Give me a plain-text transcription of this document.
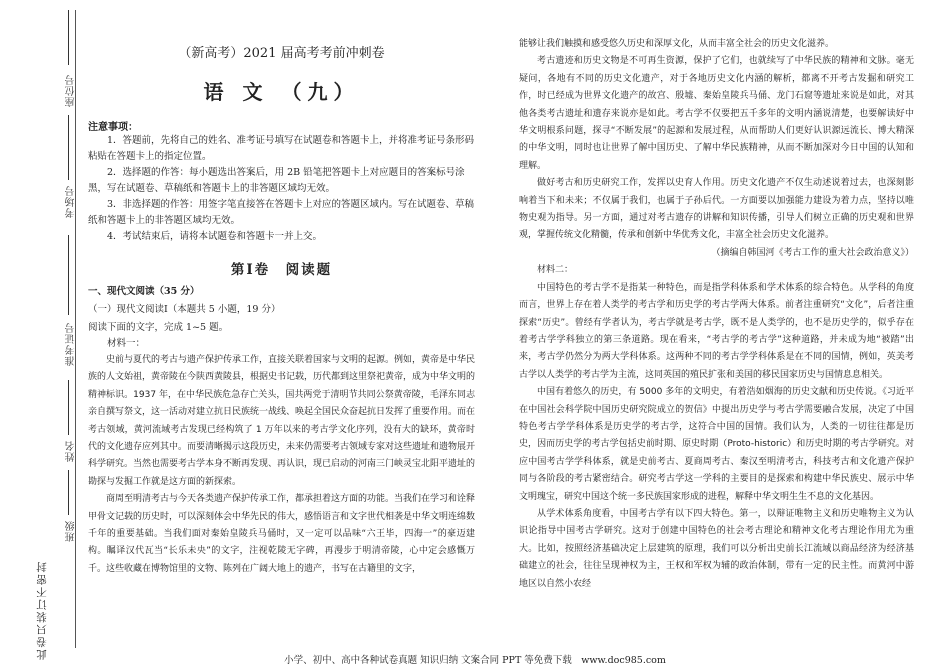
座位号
考场号
准考证号
姓名
班级
此卷只装订不密封
（新高考）2021 届高考考前冲刺卷
语 文 （九）
注意事项：

1．答题前，先将自己的姓名、准考证号填写在试题卷和答题卡上，并将准考证号条形码粘贴在答题卡上的指定位置。

2．选择题的作答：每小题选出答案后，用 2B 铅笔把答题卡上对应题目的答案标号涂黑，写在试题卷、草稿纸和答题卡上的非答题区域均无效。

3．非选择题的作答：用签字笔直接答在答题卡上对应的答题区域内。写在试题卷、草稿纸和答题卡上的非答题区域均无效。

4．考试结束后，请将本试题卷和答题卡一并上交。

第Ⅰ卷　阅读题
一、现代文阅读（35 分）
（一）现代文阅读Ⅰ（本题共 5 小题，19 分）
阅读下面的文字，完成 1~5 题。
材料一：

史前与夏代的考古与遗产保护传承工作，直接关联着国家与文明的起源。例如，黄帝是中华民族的人文始祖，黄帝陵在今陕西黄陵县，根据史书记载，历代都到这里祭祀黄帝，成为中华文明的精神标识。1937 年，在中华民族危急存亡关头，国共两党于清明节共同公祭黄帝陵，毛泽东同志亲自撰写祭文，这一活动对建立抗日民族统一战线、唤起全国民众奋起抗日发挥了重要作用。而在考古领域，黄河流域考古发现已经构筑了 1 万年以来的考古学文化序列，没有大的缺环，黄帝时代的文化遗存应列其中。而要清晰揭示这段历史，未来仍需要考古领域专家对这些遗址和遗物展开科学研究。当然也需要考古学本身不断再发现、再认识，现已启动的河南三门峡灵宝北阳平遗址的勘探与发掘工作就是这方面的新探索。

商周至明清考古与今天各类遗产保护传承工作，都承担着这方面的功能。当我们在学习和诠释甲骨文记载的历史时，可以深刻体会中华先民的伟大，感悟语言和文字世代相袭是中华文明连绵数千年的重要基础。当我们面对秦始皇陵兵马俑时，又一定可以品味“六王毕，四海一”的豪迈建构。瞩译汉代瓦当“长乐未央”的文字，注视乾陵无字碑，再漫步于明清帝陵，心中定会感慨万千。这些收藏在博物馆里的文物、陈列在广阔大地上的遗产，书写在古籍里的文字，

能够让我们触摸和感受悠久历史和深厚文化，从而丰富全社会的历史文化滋养。

考古遗迹和历史文物是不可再生资源，保护了它们，也就续写了中华民族的精神和文脉。毫无疑问，各地有不同的历史文化遗产，对于各地历史文化内涵的解析，都离不开考古发掘和研究工作，时已经成为世界文化遗产的故宫、殷墟、秦始皇陵兵马俑、龙门石窟等遗址来说是如此，对其他各类考古遗址和遗存来说亦是如此。考古学不仅要把五千多年的文明内涵说清楚，也要解读好中华文明根系问题，探寻“不断发展”的起源和发展过程，从而帮助人们更好认识源远流长、博大精深的中华文明，同时也让世界了解中国历史、了解中华民族精神，从而不断加深对今日中国的认知和理解。

做好考古和历史研究工作，发挥以史育人作用。历史文化遗产不仅生动述说着过去，也深刻影响着当下和未来；不仅属于我们，也属于子孙后代。一方面要以加强能力建设为着力点，坚持以唯物史观为指导。另一方面，通过对考古遗存的讲解和知识传播，引导人们树立正确的历史观和世界观，掌握传统文化精髓，传承和创新中华优秀文化，丰富全社会历史文化滋养。

（摘编自韩国河《考古工作的重大社会政治意义》）

材料二：

中国特色的考古学不是指某一种特色，而是指学科体系和学术体系的综合特色。从学科的角度而言，世界上存在着人类学的考古学和历史学的考古学两大体系。前者注重研究“文化”，后者注重探索“历史”。曾经有学者认为，考古学就是考古学，既不是人类学的，也不是历史学的，似乎存在着考古学学科独立的第三条道路。现在看来，“考古学的考古学”这种道路，并未成为地“被踏”出来，考古学仍然分为两大学科体系。这两种不同的考古学学科体系是在不同的国情，例如，英美考古学以人类学的考古学为主流，这同英国的殖民扩张和美国的移民国家历史与国情息息相关。

中国有着悠久的历史，有 5000 多年的文明史，有着浩如烟海的历史文献和历史传说。《习近平在中国社会科学院中国历史研究院成立的贺信》中提出历史学与考古学需要融合发展，决定了中国特色考古学学科体系是历史学的考古学，这符合中国的国情。我们认为，人类的一切往往都是历史，因而历史学的考古学包括史前时期、原史时期（Proto-historic）和历史时期的考古学研究。对应中国考古学学科体系，就是史前考古、夏商周考古、秦汉至明清考古，科技考古和文化遗产保护同与各阶段的考古紧密结合。研究考古学这一学科的主要目的是探索和构建中华民族史、展示中华文明瑰宝，研究中国这个统一多民族国家形成的进程，解释中华文明生生不息的文化基因。

从学术体系角度看，中国考古学有以下四大特色。第一，以辩证唯物主义和历史唯物主义为认识论指导中国考古学研究。这对于创建中国特色的社会考古理论和精神文化考古理论作用尤为重大。比如，按照经济基础决定上层建筑的原理，我们可以分析出史前长江流域以商品经济为经济基础建立的社会，往往呈现神权为主，王权和军权为辅的政治体制，带有一定的民主性。而黄河中游地区以自然小农经

小学、初中、高中各种试卷真题 知识归纳 文案合同 PPT 等免费下载　www.doc985.com
